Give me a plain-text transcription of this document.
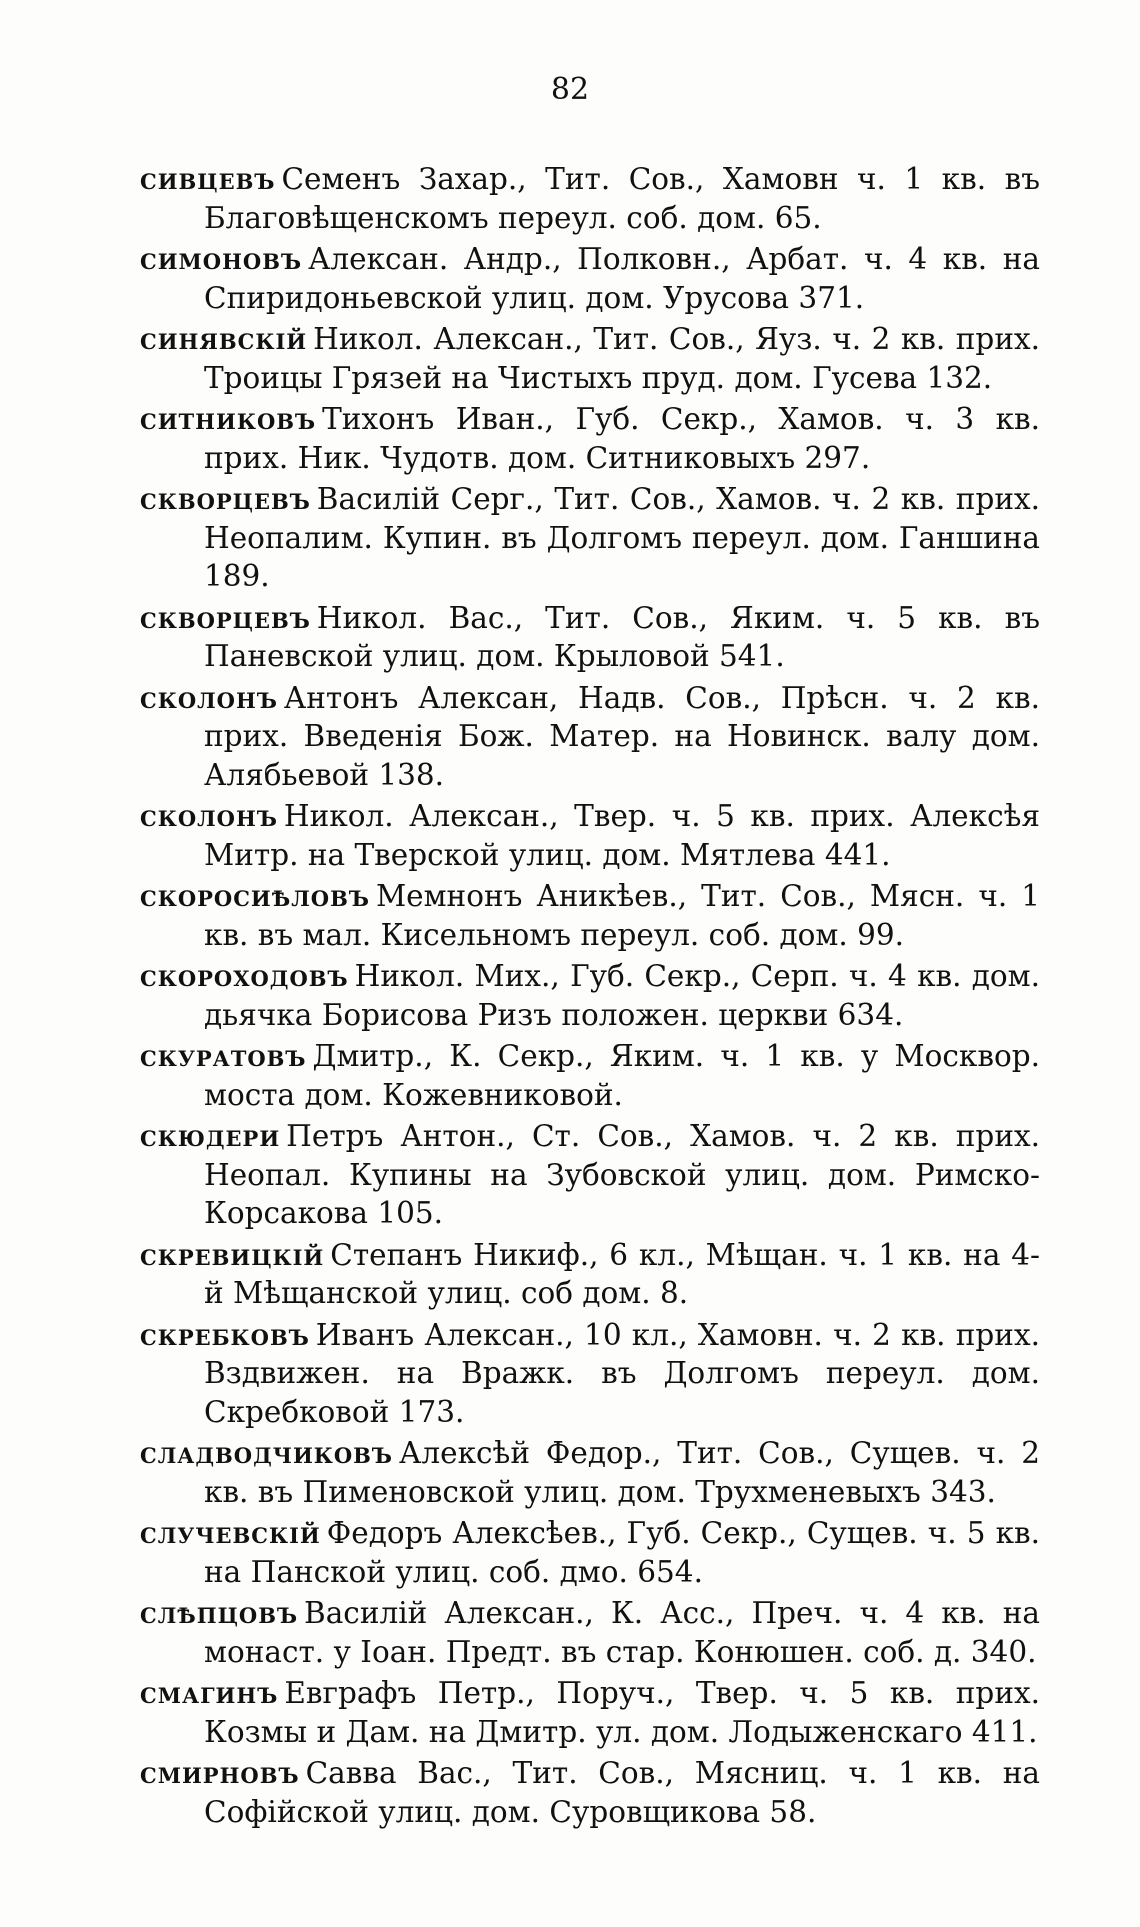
82
сивцевъ Семенъ Захар., Тит. Сов., Хамовн ч. 1 кв. въ Благовѣщенскомъ переул. соб. дом. 65.
симоновъ Алексан. Андр., Полковн., Арбат. ч. 4 кв. на Спиридоньевской улиц. дом. Урусова 371.
синявскій Никол. Алексан., Тит. Сов., Яуз. ч. 2 кв. прих. Троицы Грязей на Чистыхъ пруд. дом. Гусева 132.
ситниковъ Тихонъ Иван., Губ. Секр., Хамов. ч. 3 кв. прих. Ник. Чудотв. дом. Ситниковыхъ 297.
скворцевъ Василій Серг., Тит. Сов., Хамов. ч. 2 кв. прих. Неопалим. Купин. въ Долгомъ переул. дом. Ганшина 189.
скворцевъ Никол. Вас., Тит. Сов., Яким. ч. 5 кв. въ Паневской улиц. дом. Крыловой 541.
сколонъ Антонъ Алексан, Надв. Сов., Прѣсн. ч. 2 кв. прих. Введенія Бож. Матер. на Новинск. валу дом. Алябьевой 138.
сколонъ Никол. Алексан., Твер. ч. 5 кв. прих. Алексѣя Митр. на Тверской улиц. дом. Мятлева 441.
скоросиѣловъ Мемнонъ Аникѣев., Тит. Сов., Мясн. ч. 1 кв. въ мал. Кисельномъ переул. соб. дом. 99.
скороходовъ Никол. Мих., Губ. Секр., Серп. ч. 4 кв. дом. дьячка Борисова Ризъ положен. церкви 634.
скуратовъ Дмитр., К. Секр., Яким. ч. 1 кв. у Москвор. моста дом. Кожевниковой.
скюдери Петръ Антон., Ст. Сов., Хамов. ч. 2 кв. прих. Неопал. Купины на Зубовской улиц. дом. Римско-Корсакова 105.
скревицкій Степанъ Никиф., 6 кл., Мѣщан. ч. 1 кв. на 4-й Мѣщанской улиц. соб дом. 8.
скребковъ Иванъ Алексан., 10 кл., Хамовн. ч. 2 кв. прих. Вздвижен. на Вражк. въ Долгомъ переул. дом. Скребковой 173.
сладводчиковъ Алексѣй Федор., Тит. Сов., Сущев. ч. 2 кв. въ Пименовской улиц. дом. Трухменевыхъ 343.
случевскій Федоръ Алексѣев., Губ. Секр., Сущев. ч. 5 кв. на Панской улиц. соб. дмо. 654.
слѣпцовъ Василій Алексан., К. Асс., Преч. ч. 4 кв. на монаст. у Іоан. Предт. въ стар. Конюшен. соб. д. 340.
смагинъ Евграфъ Петр., Поруч., Твер. ч. 5 кв. прих. Козмы и Дам. на Дмитр. ул. дом. Лодыженскаго 411.
смирновъ Савва Вас., Тит. Сов., Мясниц. ч. 1 кв. на Софійской улиц. дом. Суровщикова 58.
